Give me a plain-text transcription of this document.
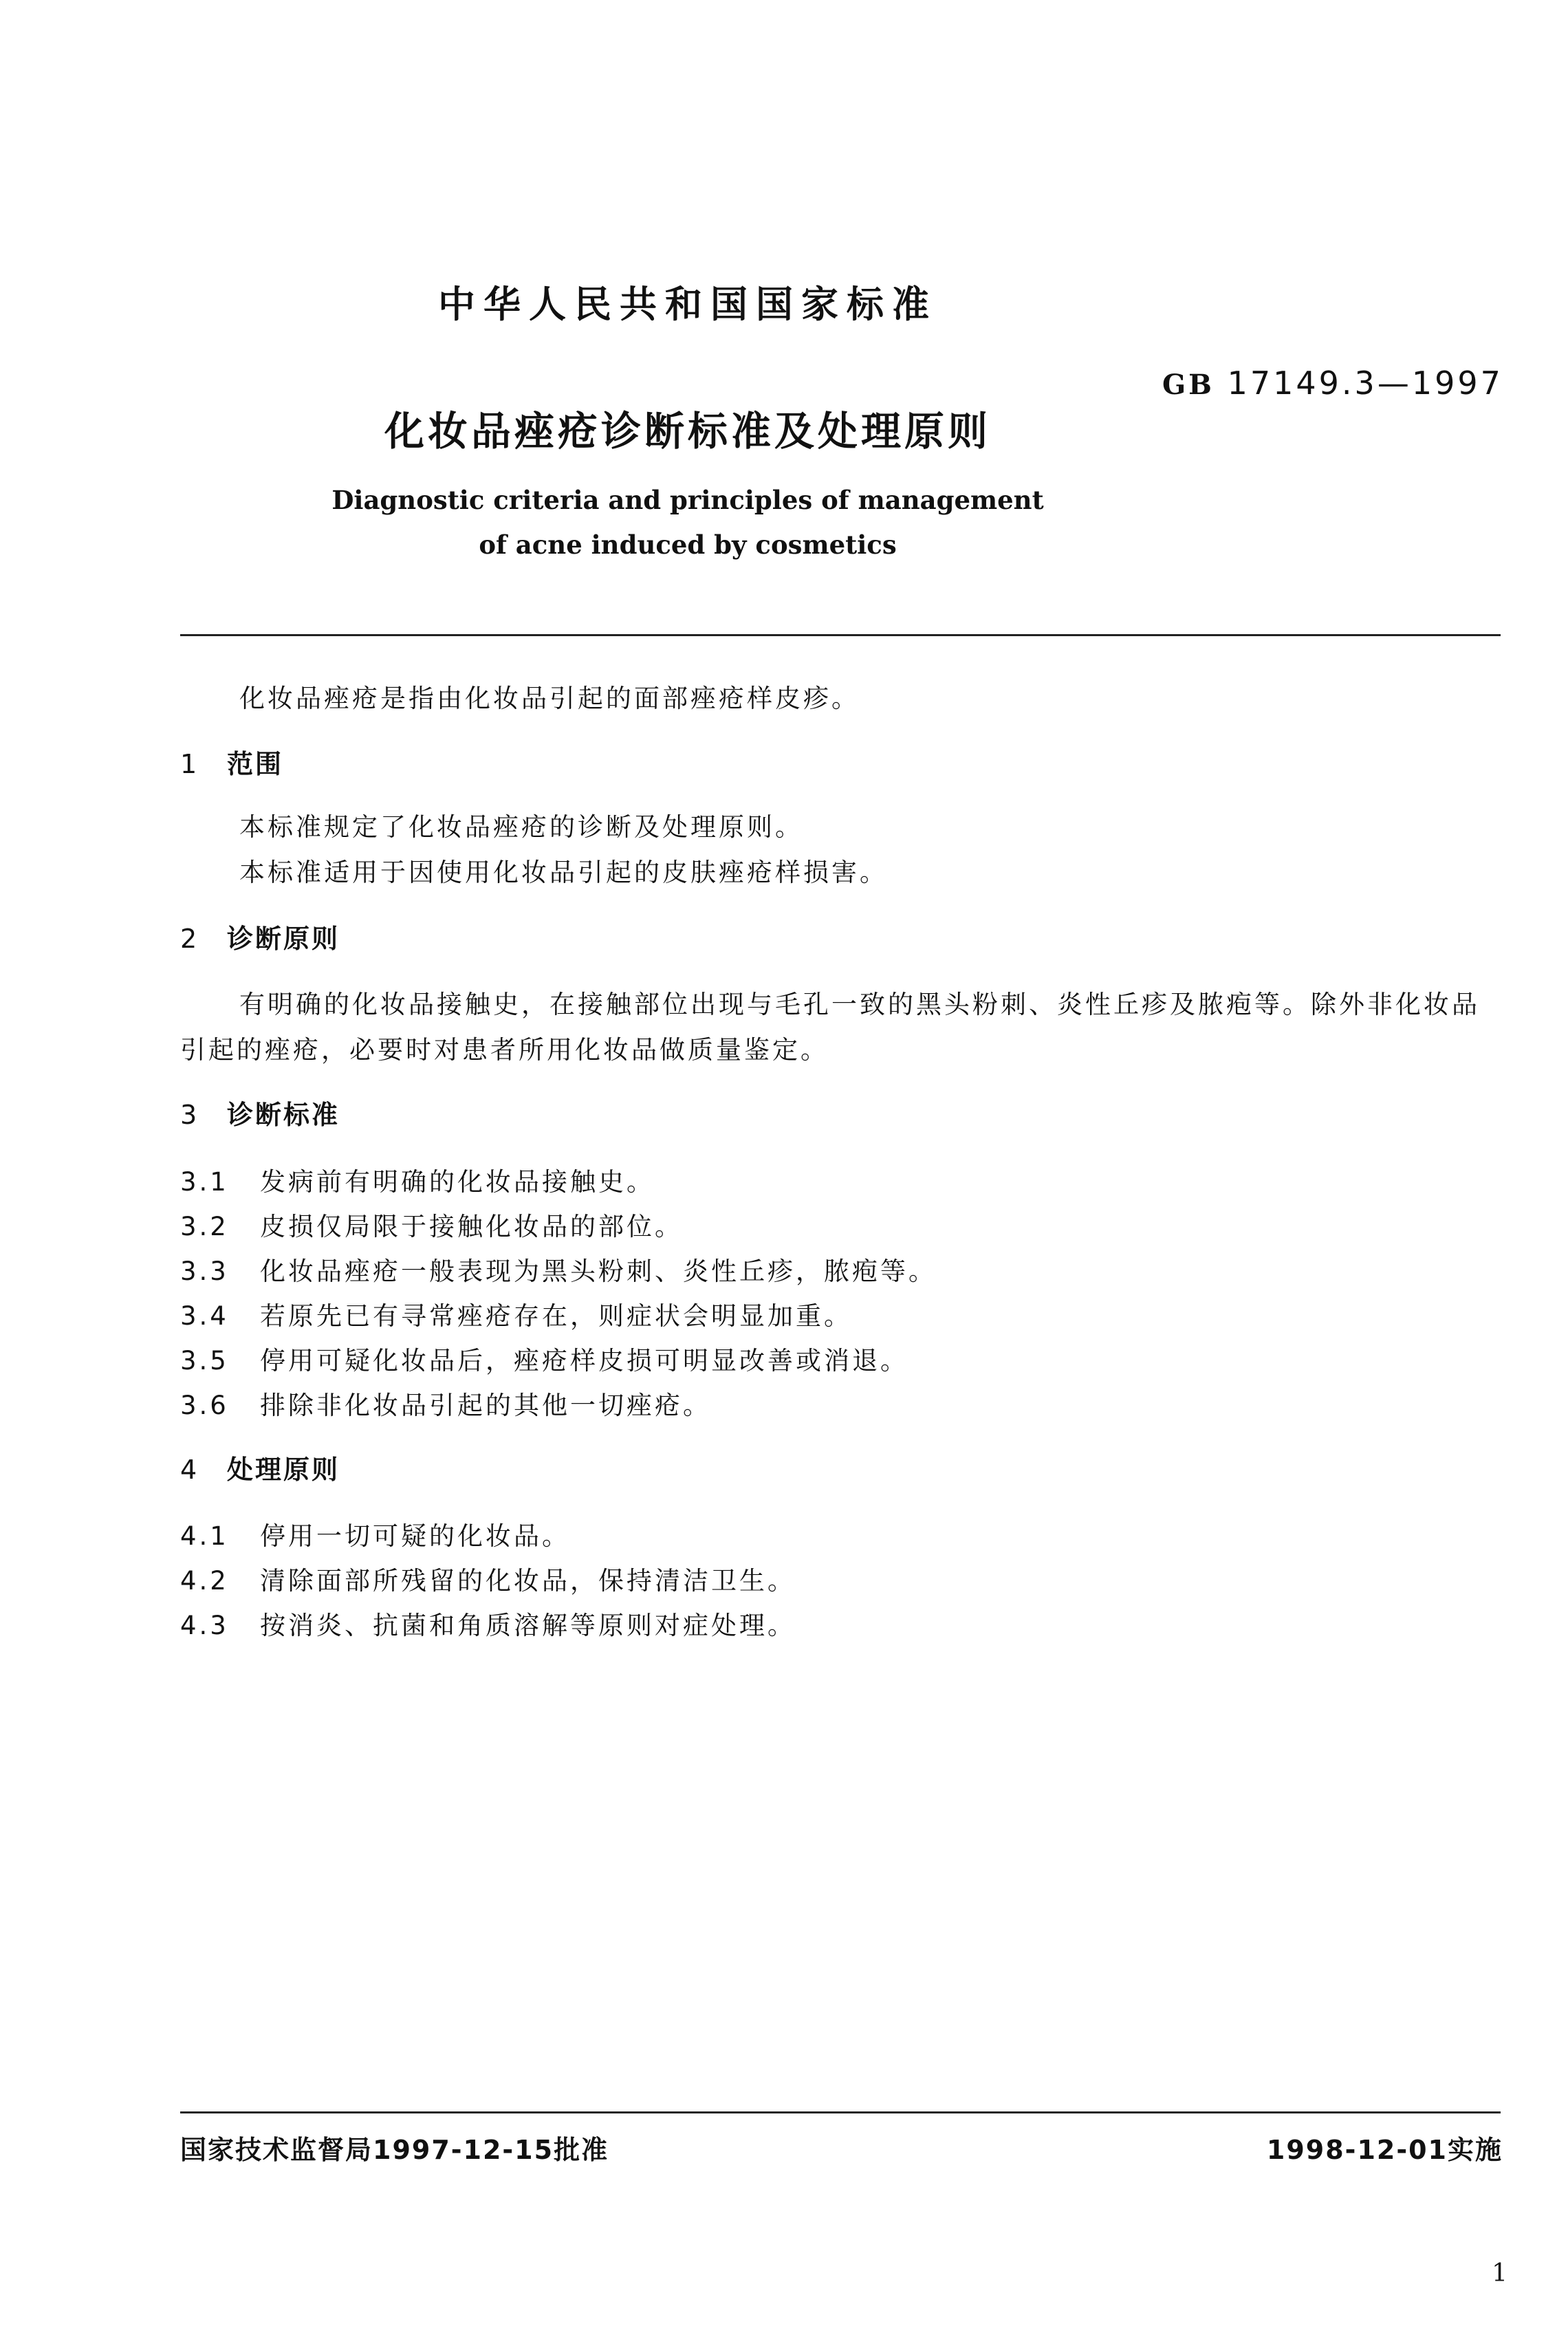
中华人民共和国国家标准
GB 17149.3—1997
化妆品痤疮诊断标准及处理原则
Diagnostic criteria and principles of management
of acne induced by cosmetics
化妆品痤疮是指由化妆品引起的面部痤疮样皮疹。
1 范围
本标准规定了化妆品痤疮的诊断及处理原则。
本标准适用于因使用化妆品引起的皮肤痤疮样损害。
2 诊断原则
有明确的化妆品接触史，在接触部位出现与毛孔一致的黑头粉刺、炎性丘疹及脓疱等。除外非化妆品引起的痤疮，必要时对患者所用化妆品做质量鉴定。
3 诊断标准
3.1 发病前有明确的化妆品接触史。
3.2 皮损仅局限于接触化妆品的部位。
3.3 化妆品痤疮一般表现为黑头粉刺、炎性丘疹，脓疱等。
3.4 若原先已有寻常痤疮存在，则症状会明显加重。
3.5 停用可疑化妆品后，痤疮样皮损可明显改善或消退。
3.6 排除非化妆品引起的其他一切痤疮。
4 处理原则
4.1 停用一切可疑的化妆品。
4.2 清除面部所残留的化妆品，保持清洁卫生。
4.3 按消炎、抗菌和角质溶解等原则对症处理。
国家技术监督局1997-12-15批准	1998-12-01实施
1
